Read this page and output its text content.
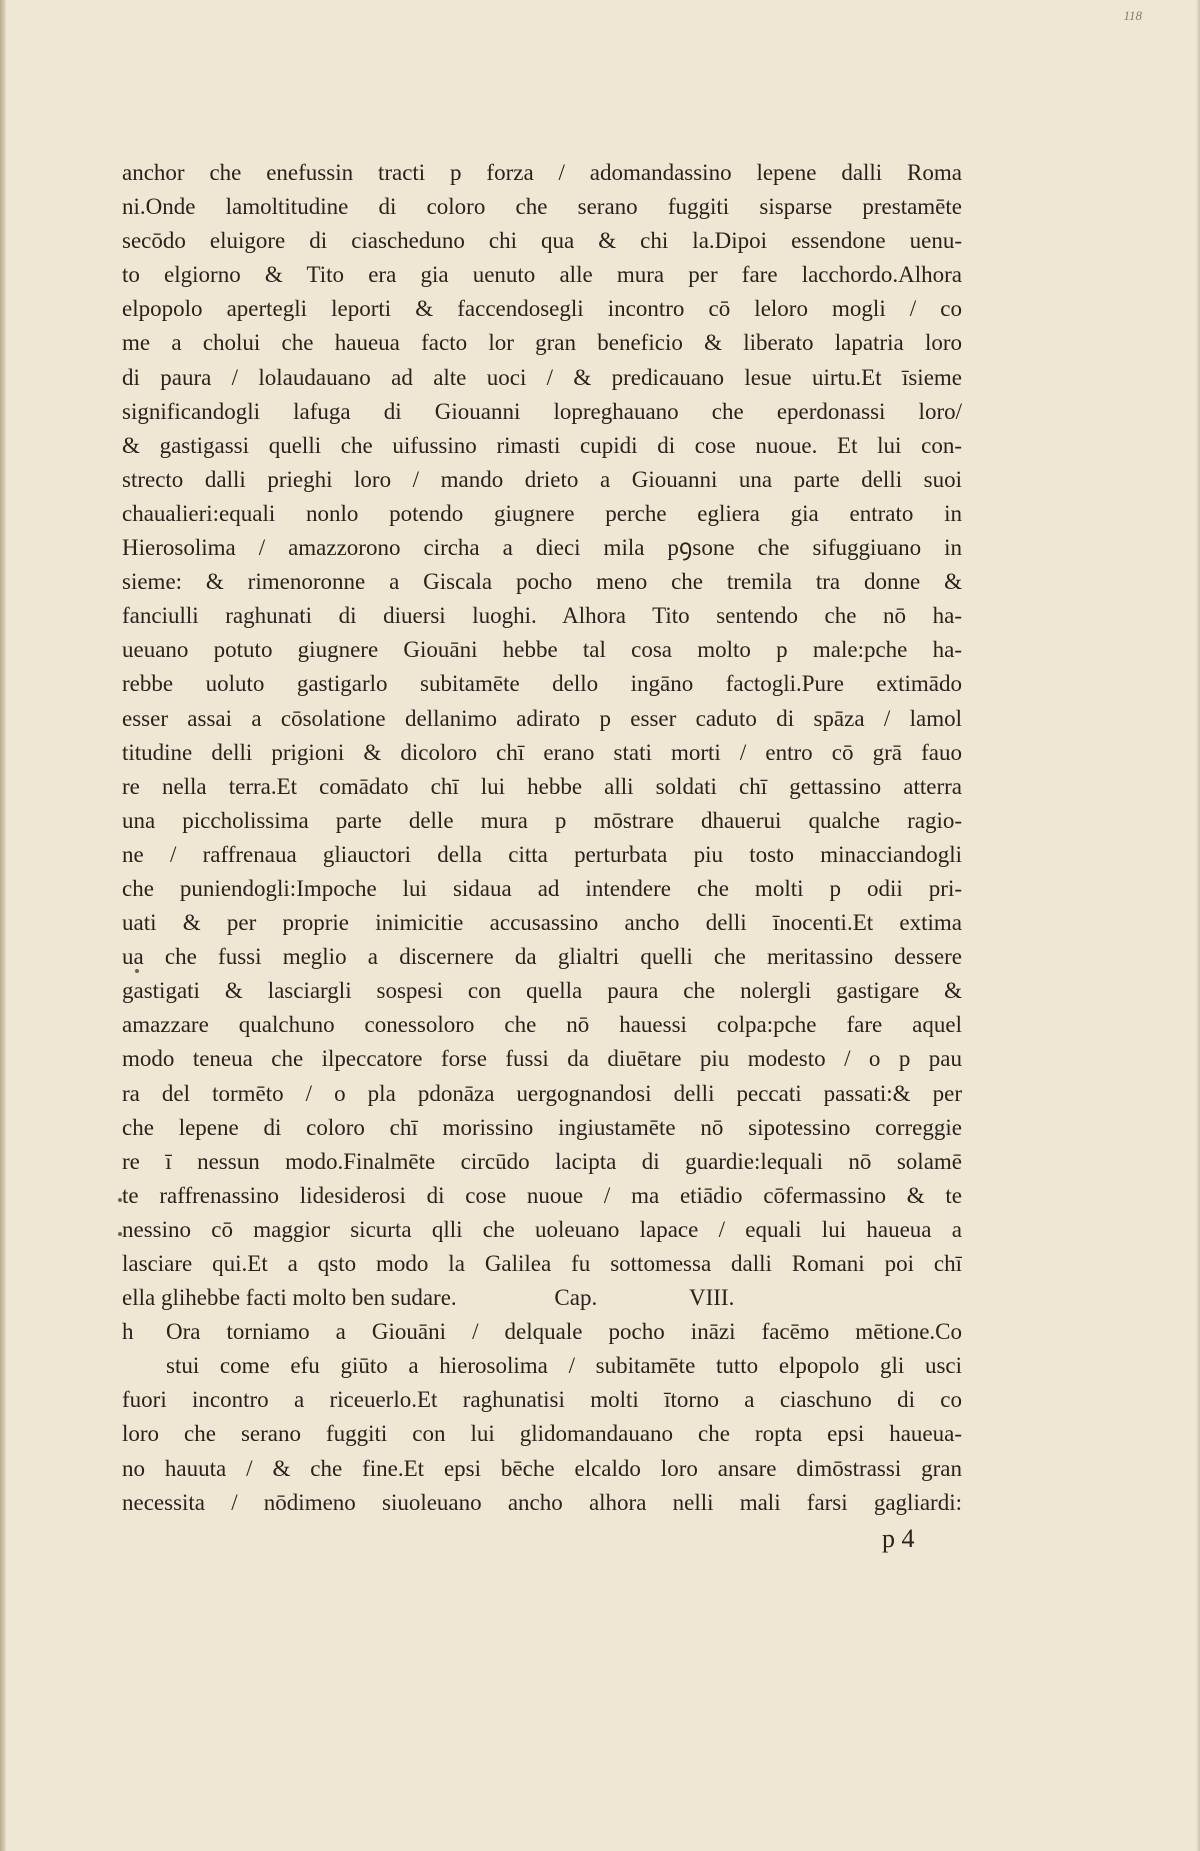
118
anchor che enefussin tracti p forza / adomandassino lepene dalli Roma
ni.Onde lamoltitudine di coloro che serano fuggiti sisparse prestamēte
secōdo eluigore di ciascheduno chi qua & chi la.Dipoi essendone uenu-
to elgiorno & Tito era gia uenuto alle mura per fare lacchordo.Alhora
elpopolo apertegli leporti & faccendosegli incontro cō leloro mogli / co
me a cholui che haueua facto lor gran beneficio & liberato lapatria loro
di paura / lolaudauano ad alte uoci / & predicauano lesue uirtu.Et īsieme
significandogli lafuga di Giouanni lopreghauano che eperdonassi loro/
& gastigassi quelli che uifussino rimasti cupidi di cose nuoue. Et lui con-
strecto dalli prieghi loro / mando drieto a Giouanni una parte delli suoi
chaualieri:equali nonlo potendo giugnere perche egliera gia entrato in
Hierosolima / amazzorono circha a dieci mila pꝯsone che sifuggiuano in
sieme: & rimenoronne a Giscala pocho meno che tremila tra donne &
fanciulli raghunati di diuersi luoghi. Alhora Tito sentendo che nō ha-
ueuano potuto giugnere Giouāni hebbe tal cosa molto p male:pche ha-
rebbe uoluto gastigarlo subitamēte dello ingāno factogli.Pure extimādo
esser assai a cōsolatione dellanimo adirato p esser caduto di spāza / lamol
titudine delli prigioni & dicoloro chī erano stati morti / entro cō grā fauo
re nella terra.Et comādato chī lui hebbe alli soldati chī gettassino atterra
una piccholissima parte delle mura p mōstrare dhauerui qualche ragio-
ne / raffrenaua gliauctori della citta perturbata piu tosto minacciandogli
che puniendogli:Impoche lui sidaua ad intendere che molti p odii pri-
uati & per proprie inimicitie accusassino ancho delli īnocenti.Et extima
ua che fussi meglio a discernere da glialtri quelli che meritassino dessere
gastigati & lasciargli sospesi con quella paura che nolergli gastigare &
amazzare qualchuno conessoloro che nō hauessi colpa:pche fare aquel
modo teneua che ilpeccatore forse fussi da diuētare piu modesto / o p pau
ra del tormēto / o pla pdonāza uergognandosi delli peccati passati:& per
che lepene di coloro chī morissino ingiustamēte nō sipotessino correggie
re ī nessun modo.Finalmēte circūdo lacipta di guardie:lequali nō solamē
te raffrenassino lidesiderosi di cose nuoue / ma etiādio cōfermassino & te
nessino cō maggior sicurta qlli che uoleuano lapace / equali lui haueua a
lasciare qui.Et a qsto modo la Galilea fu sottomessa dalli Romani poi chī
ella glihebbe facti molto ben sudare.	Cap.	VIII.
h Ora torniamo a Giouāni / delquale pocho ināzi facēmo mētione.Co
stui come efu giūto a hierosolima / subitamēte tutto elpopolo gli usci
fuori incontro a riceuerlo.Et raghunatisi molti ītorno a ciaschuno di co
loro che serano fuggiti con lui glidomandauano che ropta epsi haueua-
no hauuta / & che fine.Et epsi bēche elcaldo loro ansare dimōstrassi gran
necessita / nōdimeno siuoleuano ancho alhora nelli mali farsi gagliardi:
p 4
